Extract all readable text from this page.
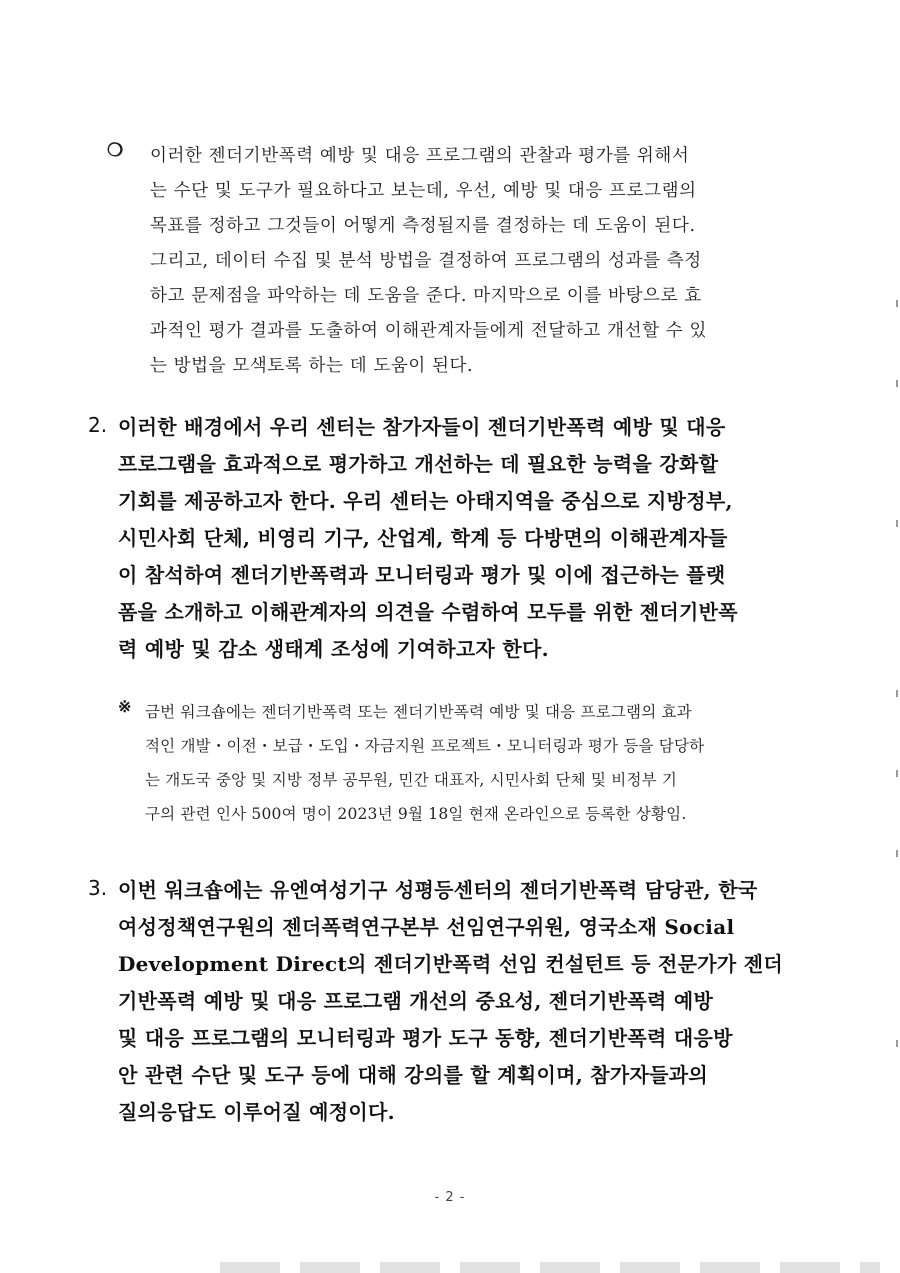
❍ 이러한 젠더기반폭력 예방 및 대응 프로그램의 관찰과 평가를 위해서
는 수단 및 도구가 필요하다고 보는데, 우선, 예방 및 대응 프로그램의
목표를 정하고 그것들이 어떻게 측정될지를 결정하는 데 도움이 된다.
그리고, 데이터 수집 및 분석 방법을 결정하여 프로그램의 성과를 측정
하고 문제점을 파악하는 데 도움을 준다. 마지막으로 이를 바탕으로 효
과적인 평가 결과를 도출하여 이해관계자들에게 전달하고 개선할 수 있
는 방법을 모색토록 하는 데 도움이 된다.
2. 이러한 배경에서 우리 센터는 참가자들이 젠더기반폭력 예방 및 대응
프로그램을 효과적으로 평가하고 개선하는 데 필요한 능력을 강화할
기회를 제공하고자 한다. 우리 센터는 아태지역을 중심으로 지방정부,
시민사회 단체, 비영리 기구, 산업계, 학계 등 다방면의 이해관계자들
이 참석하여 젠더기반폭력과 모니터링과 평가 및 이에 접근하는 플랫
폼을 소개하고 이해관계자의 의견을 수렴하여 모두를 위한 젠더기반폭
력 예방 및 감소 생태계 조성에 기여하고자 한다.
※ 금번 워크숍에는 젠더기반폭력 또는 젠더기반폭력 예방 및 대응 프로그램의 효과
적인 개발・이전・보급・도입・자금지원 프로젝트・모니터링과 평가 등을 담당하
는 개도국 중앙 및 지방 정부 공무원, 민간 대표자, 시민사회 단체 및 비정부 기
구의 관련 인사 500여 명이 2023년 9월 18일 현재 온라인으로 등록한 상황임.
3. 이번 워크숍에는 유엔여성기구 성평등센터의 젠더기반폭력 담당관, 한국
여성정책연구원의 젠더폭력연구본부 선임연구위원, 영국소재 Social
Development Direct의 젠더기반폭력 선임 컨설턴트 등 전문가가 젠더
기반폭력 예방 및 대응 프로그램 개선의 중요성, 젠더기반폭력 예방
및 대응 프로그램의 모니터링과 평가 도구 동향, 젠더기반폭력 대응방
안 관련 수단 및 도구 등에 대해 강의를 할 계획이며, 참가자들과의
질의응답도 이루어질 예정이다.
- 2 -
